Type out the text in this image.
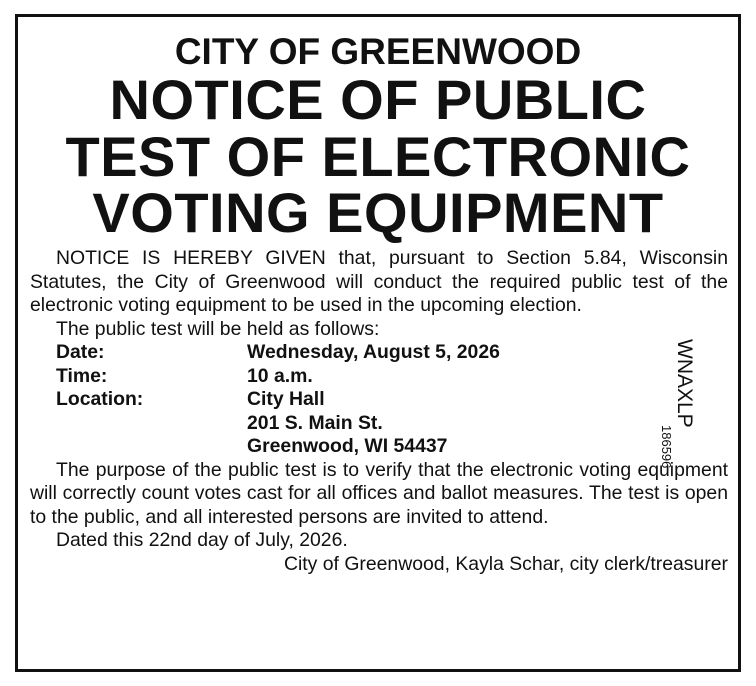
CITY OF GREENWOOD
NOTICE OF PUBLIC
TEST OF ELECTRONIC
VOTING EQUIPMENT

NOTICE IS HEREBY GIVEN that, pursuant to Section 5.84, Wisconsin Statutes, the City of Greenwood will conduct the required public test of the electronic voting equipment to be used in the upcoming election.

The public test will be held as follows:

Date:	Wednesday, August 5, 2026
Time:	10 a.m.
Location:	City Hall
201 S. Main St.
Greenwood, WI 54437

The purpose of the public test is to verify that the electronic voting equipment will correctly count votes cast for all offices and ballot measures. The test is open to the public, and all interested persons are invited to attend.

Dated this 22nd day of July, 2026.

City of Greenwood, Kayla Schar, city clerk/treasurer

WNAXLP
186596
